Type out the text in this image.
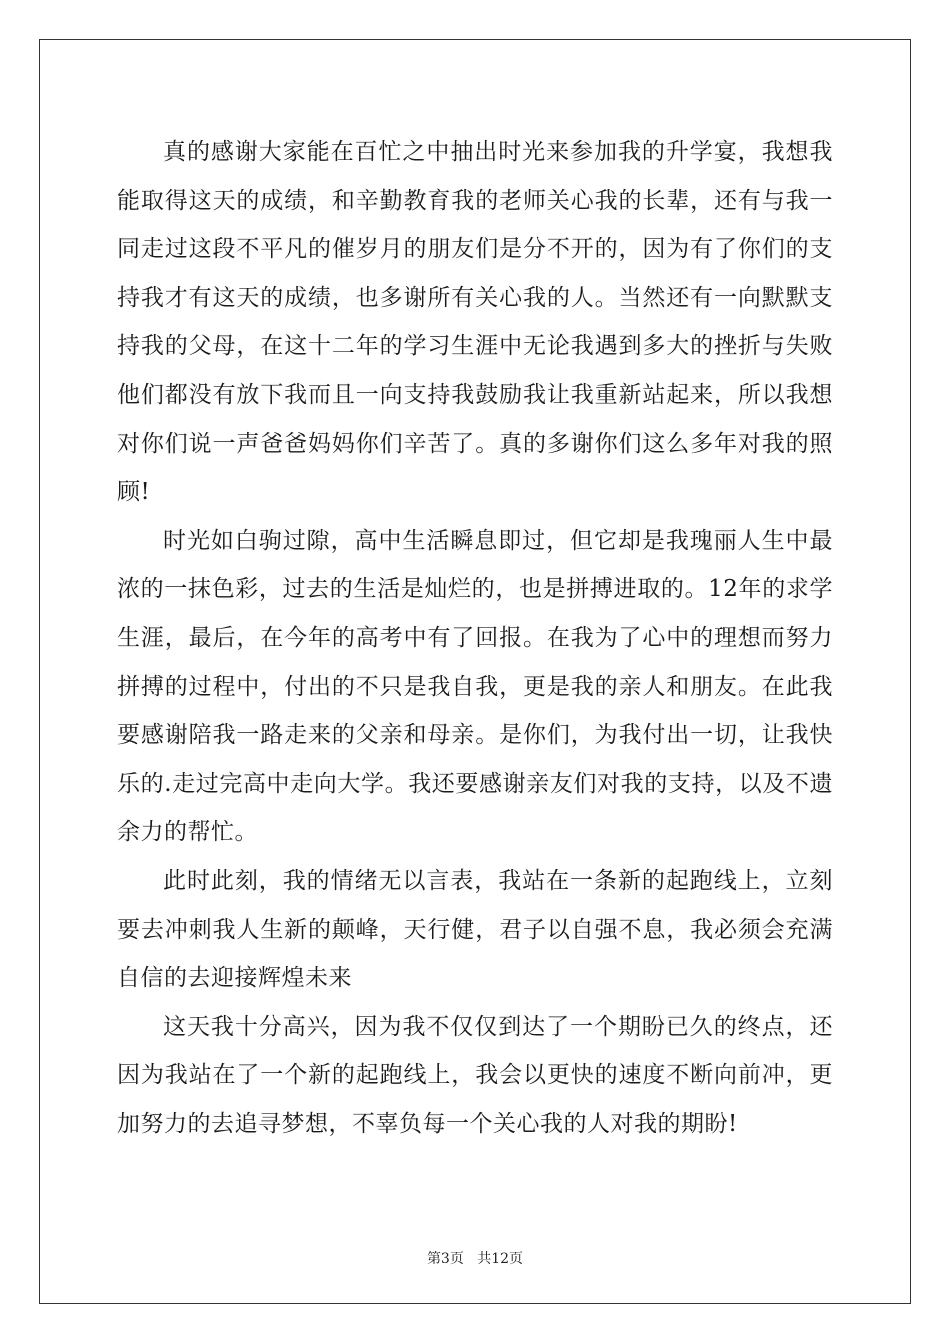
真的感谢大家能在百忙之中抽出时光来参加我的升学宴，我想我能取得这天的成绩，和辛勤教育我的老师关心我的长辈，还有与我一同走过这段不平凡的催岁月的朋友们是分不开的，因为有了你们的支持我才有这天的成绩，也多谢所有关心我的人。当然还有一向默默支持我的父母，在这十二年的学习生涯中无论我遇到多大的挫折与失败他们都没有放下我而且一向支持我鼓励我让我重新站起来，所以我想对你们说一声爸爸妈妈你们辛苦了。真的多谢你们这么多年对我的照顾!

时光如白驹过隙，高中生活瞬息即过，但它却是我瑰丽人生中最浓的一抹色彩，过去的生活是灿烂的，也是拼搏进取的。12年的求学生涯，最后，在今年的高考中有了回报。在我为了心中的理想而努力拼搏的过程中，付出的不只是我自我，更是我的亲人和朋友。在此我要感谢陪我一路走来的父亲和母亲。是你们，为我付出一切，让我快乐的.走过完高中走向大学。我还要感谢亲友们对我的支持，以及不遗余力的帮忙。

此时此刻，我的情绪无以言表，我站在一条新的起跑线上，立刻要去冲刺我人生新的颠峰，天行健，君子以自强不息，我必须会充满自信的去迎接辉煌未来

这天我十分高兴，因为我不仅仅到达了一个期盼已久的终点，还因为我站在了一个新的起跑线上，我会以更快的速度不断向前冲，更加努力的去追寻梦想，不辜负每一个关心我的人对我的期盼!

第3页 共12页
